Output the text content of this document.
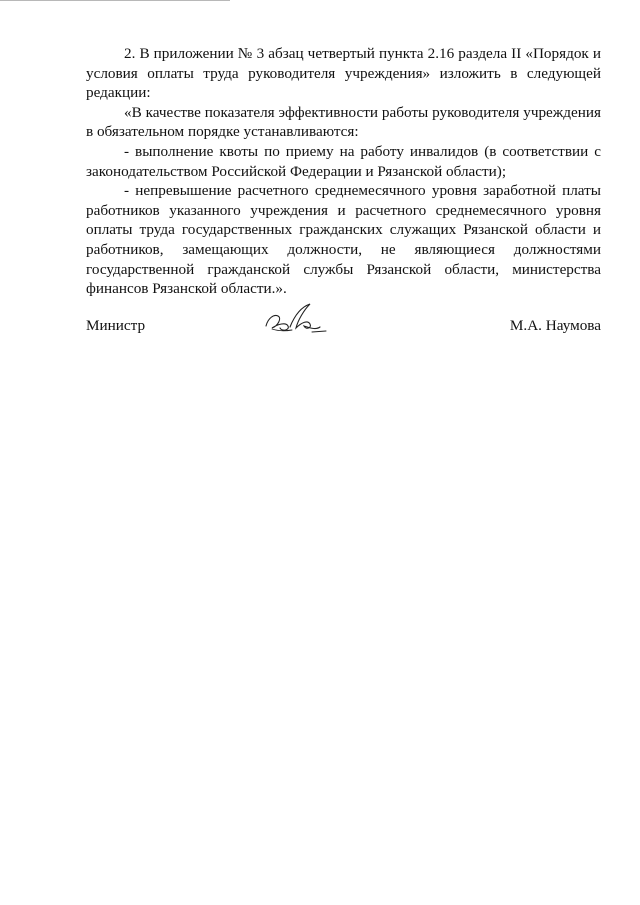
2. В приложении № 3 абзац четвертый пункта 2.16 раздела II «Порядок и условия оплаты труда руководителя учреждения» изложить в следующей редакции:

«В качестве показателя эффективности работы руководителя учреждения в обязательном порядке устанавливаются:

- выполнение квоты по приему на работу инвалидов (в соответствии с законодательством Российской Федерации и Рязанской области);

- непревышение расчетного среднемесячного уровня заработной платы работников указанного учреждения и расчетного среднемесячного уровня оплаты труда государственных гражданских служащих Рязанской области и работников, замещающих должности, не являющиеся должностями государственной гражданской службы Рязанской области, министерства финансов Рязанской области.».

Министр	М.А. Наумова
